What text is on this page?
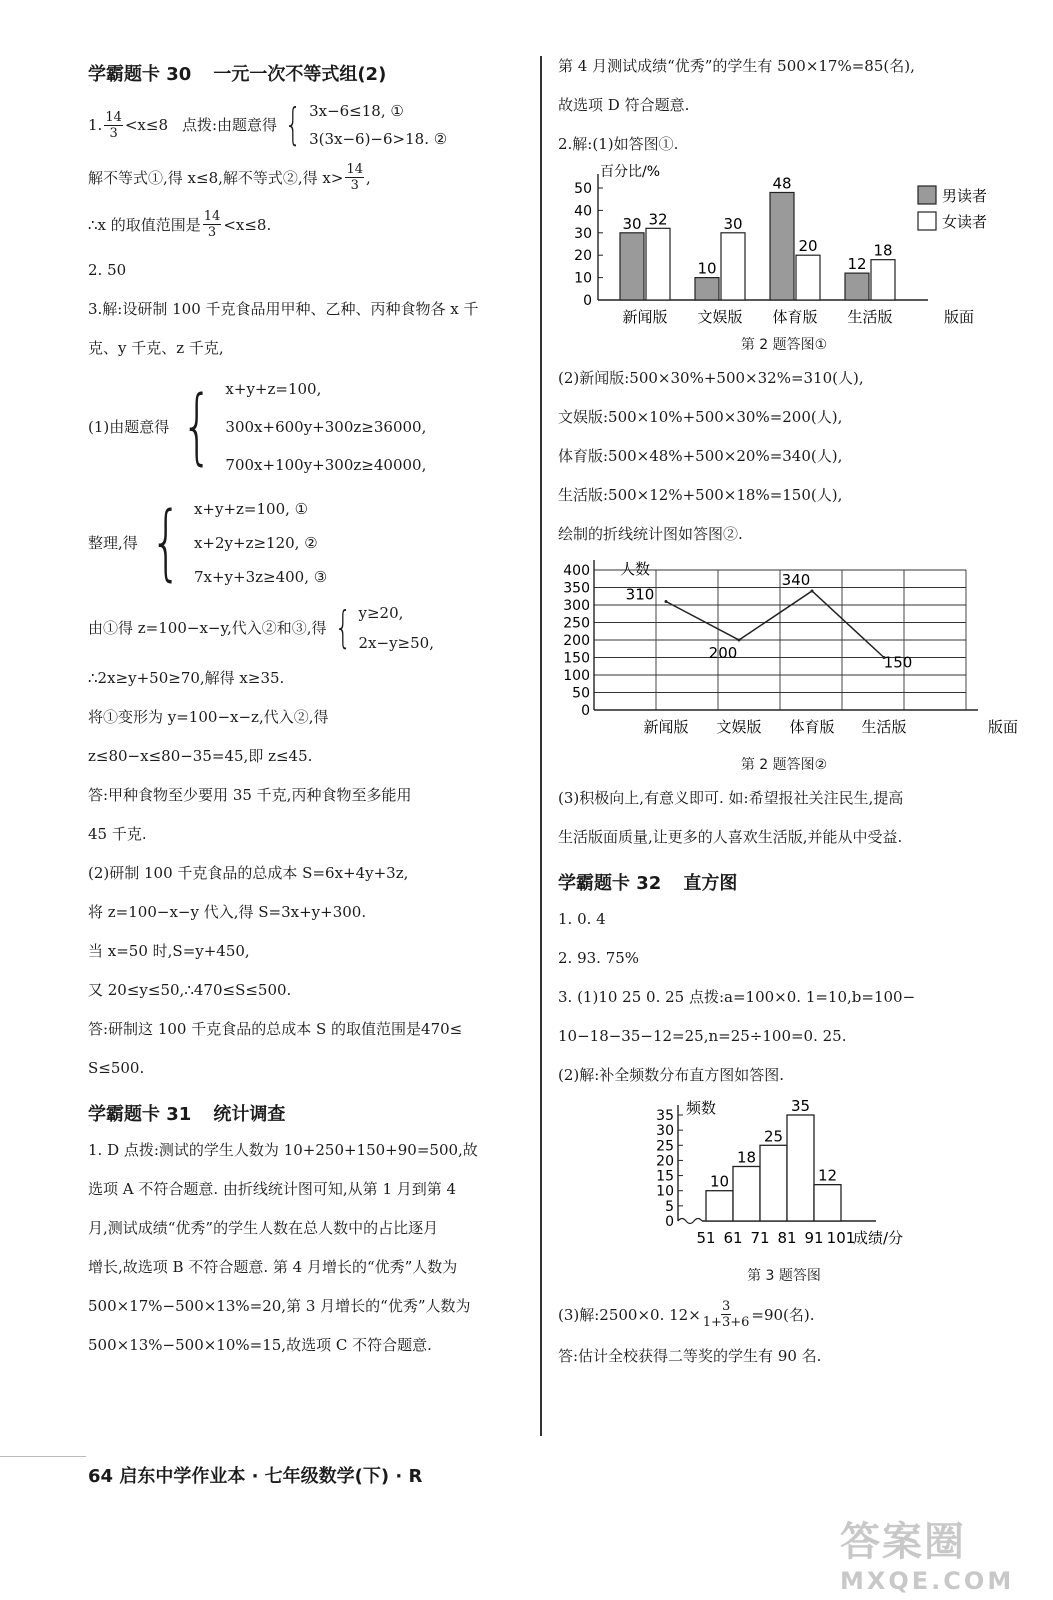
学霸题卡 30 一元一次不等式组(2)
1. $\frac{14}{3} <x\le 8$ 点拨:由题意得 { 3x−6≤18, ①
3(3x−6)−6>18. ②
解不等式①,得 x≤8,解不等式②,得 $x> \frac{14}{3}$ ,
∴x 的取值范围是 $\frac{14}{3} <x\le 8$.
2. 50
3.解:设研制 100 千克食品用甲种、乙种、丙种食物各 x 千
克、y 千克、z 千克,
(1)由题意得 { x+y+z=100,
300x+600y+300z≥36000,
700x+100y+300z≥40000,
整理,得 { x+y+z=100, ①
x+2y+z≥120, ②
7x+y+3z≥400, ③
由①得 z=100−x−y,代入②和③,得 { y≥20,
2x−y≥50,
∴2x≥y+50≥70,解得 x≥35.
将①变形为 y=100−x−z,代入②,得
z≤80−x≤80−35=45,即 z≤45.
答:甲种食物至少要用 35 千克,丙种食物至多能用
45 千克.
(2)研制 100 千克食品的总成本 S=6x+4y+3z,
将 z=100−x−y 代入,得 S=3x+y+300.
当 x=50 时,S=y+450,
又 20≤y≤50,∴470≤S≤500.
答:研制这 100 千克食品的总成本 S 的取值范围是470≤
S≤500.
学霸题卡 31 统计调查
1. D 点拨:测试的学生人数为 10+250+150+90=500,故
选项 A 不符合题意. 由折线统计图可知,从第 1 月到第 4
月,测试成绩“优秀”的学生人数在总人数中的占比逐月
增长,故选项 B 不符合题意. 第 4 月增长的“优秀”人数为
500×17%−500×13%=20,第 3 月增长的“优秀”人数为
500×13%−500×10%=15,故选项 C 不符合题意.
第 4 月测试成绩“优秀”的学生有 500×17%=85(名),
故选项 D 符合题意.
2.解:(1)如答图①.
百分比/%
0
10
20
30
40
50
30 32
新闻版
10
30
文娱版
48
20
体育版
12
18
生活版	版面
男读者
女读者
第 2 题答图①
(2)新闻版:500×30%+500×32%=310(人),
文娱版:500×10%+500×30%=200(人),
体育版:500×48%+500×20%=340(人),
生活版:500×12%+500×18%=150(人),
绘制的折线统计图如答图②.
人数
0
50
100
150
200
250
300
350
400
310
200
340
150
新闻版 文娱版 体育版 生活版	版面
第 2 题答图②
(3)积极向上,有意义即可. 如:希望报社关注民生,提高
生活版面质量,让更多的人喜欢生活版,并能从中受益.
学霸题卡 32 直方图
1. 0. 4
2. 93. 75%
3. (1)10 25 0. 25 点拨:a=100×0. 1=10,b=100−
10−18−35−12=25,n=25÷100=0. 25.
(2)解:补全频数分布直方图如答图.
频数
0
5
10
15
20
25
30
35
10
18
25
35
12
51 61 71 81 91 101
成绩/分
第 3 题答图
(3)解:2500×0. $12\times \frac{3}{1+3+6} =90$(名).
答:估计全校获得二等奖的学生有 90 名.
64 启东中学作业本 · 七年级数学(下) · R
答案圈
MXQE.COM
